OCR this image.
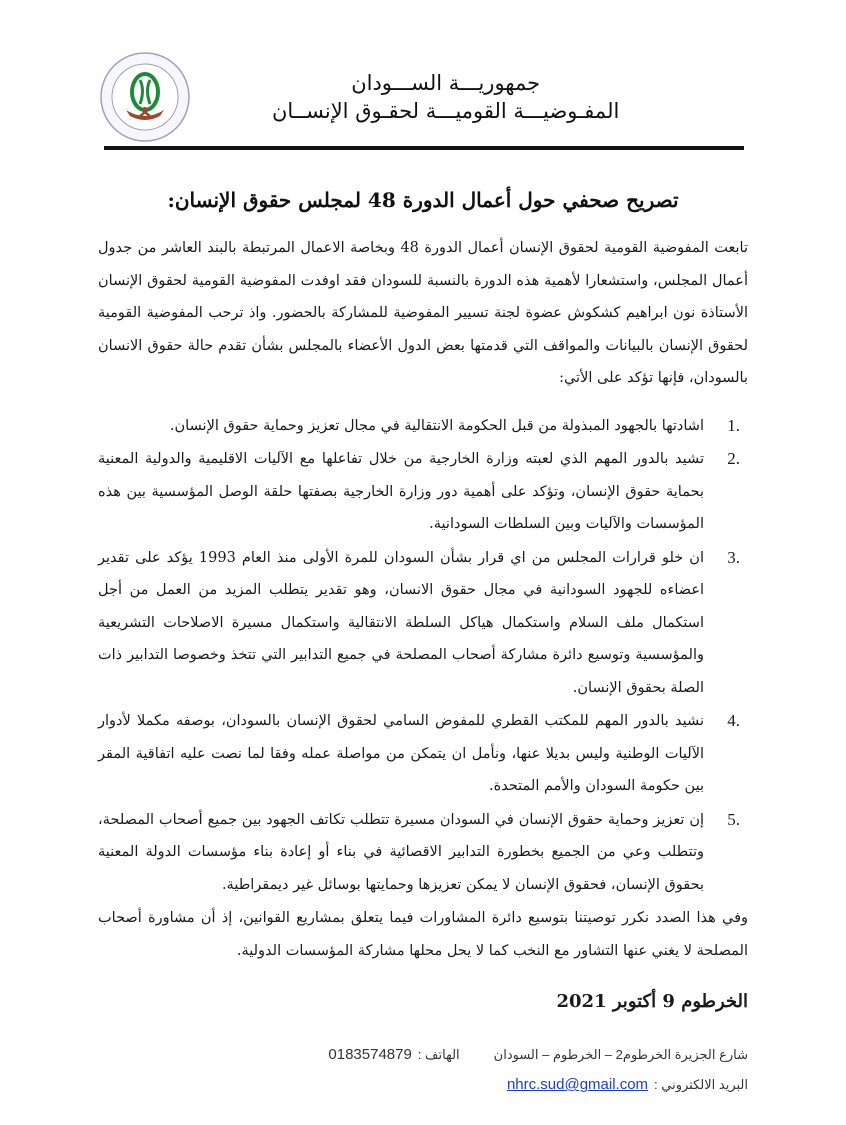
جمهوريـــة الســـودان
المفـوضيـــة القوميـــة لحقـوق الإنســان
تصريح صحفي حول أعمال الدورة 48 لمجلس حقوق الإنسان:

تابعت المفوضية القومية لحقوق الإنسان أعمال الدورة 48 وبخاصة الاعمال المرتبطة بالبند العاشر من جدول أعمال المجلس، واستشعارا لأهمية هذه الدورة بالنسبة للسودان فقد اوفدت المفوضية القومية لحقوق الإنسان الأستاذة نون ابراهيم كشكوش عضوة لجنة تسيير المفوضية للمشاركة بالحضور. واذ ترحب المفوضية القومية لحقوق الإنسان بالبيانات والمواقف التي قدمتها بعض الدول الأعضاء بالمجلس بشأن تقدم حالة حقوق الانسان بالسودان، فإنها تؤكد على الأتي:

1.
اشادتها بالجهود المبذولة من قبل الحكومة الانتقالية في مجال تعزيز وحماية حقوق الإنسان.
2.
تشيد بالدور المهم الذي لعبته وزارة الخارجية من خلال تفاعلها مع الآليات الاقليمية والدولية المعنية بحماية حقوق الإنسان، وتؤكد على أهمية دور وزارة الخارجية بصفتها حلقة الوصل المؤسسية بين هذه المؤسسات والآليات وبين السلطات السودانية.
3.
ان خلو قرارات المجلس من اي قرار بشأن السودان للمرة الأولى منذ العام 1993 يؤكد على تقدير اعضاءه للجهود السودانية في مجال حقوق الانسان، وهو تقدير يتطلب المزيد من العمل من أجل استكمال ملف السلام واستكمال هياكل السلطة الانتقالية واستكمال مسيرة الاصلاحات التشريعية والمؤسسية وتوسيع دائرة مشاركة أصحاب المصلحة في جميع التدابير التي تتخذ وخصوصا التدابير ذات الصلة بحقوق الإنسان.
4.
نشيد بالدور المهم للمكتب القطري للمفوض السامي لحقوق الإنسان بالسودان، بوصفه مكملا لأدوار الآليات الوطنية وليس بديلا عنها، ونأمل ان يتمكن من مواصلة عمله وفقا لما نصت عليه اتفاقية المقر بين حكومة السودان والأمم المتحدة.
5.
إن تعزيز وحماية حقوق الإنسان في السودان مسيرة تتطلب تكاتف الجهود بين جميع أصحاب المصلحة، وتتطلب وعي من الجميع بخطورة التدابير الاقصائية في بناء أو إعادة بناء مؤسسات الدولة المعنية بحقوق الإنسان، فحقوق الإنسان لا يمكن تعزيزها وحمايتها بوسائل غير ديمقراطية.

وفي هذا الصدد نكرر توصيتنا بتوسيع دائرة المشاورات فيما يتعلق بمشاريع القوانين، إذ أن مشاورة أصحاب المصلحة لا يغني عنها التشاور مع النخب كما لا يحل محلها مشاركة المؤسسات الدولية.

الخرطوم 9 أكتوبر 2021
شارع الجزيرة الخرطوم2 – الخرطوم – السودان
الهاتف :
0183574879
البريد الالكتروني :
nhrc.sud@gmail.com
